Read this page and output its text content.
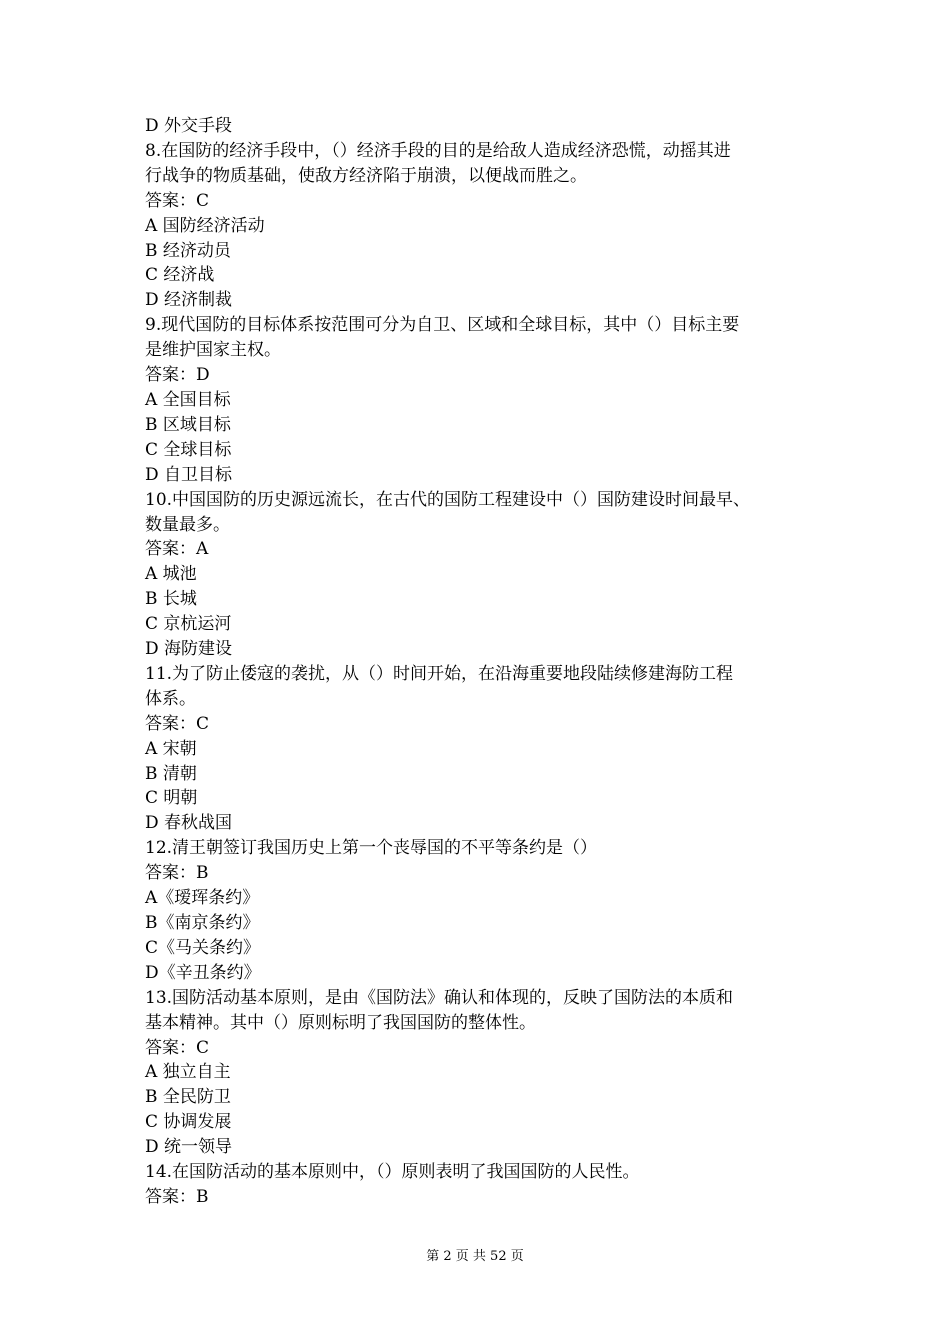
D 外交手段

8.在国防的经济手段中，（）经济手段的目的是给敌人造成经济恐慌，动摇其进

行战争的物质基础，使敌方经济陷于崩溃，以便战而胜之。

答案：C

A 国防经济活动

B 经济动员

C 经济战

D 经济制裁

9.现代国防的目标体系按范围可分为自卫、区域和全球目标，其中（）目标主要

是维护国家主权。

答案：D

A 全国目标

B 区域目标

C 全球目标

D 自卫目标

10.中国国防的历史源远流长，在古代的国防工程建设中（）国防建设时间最早、

数量最多。

答案：A

A 城池

B 长城

C 京杭运河

D 海防建设

11.为了防止倭寇的袭扰，从（）时间开始，在沿海重要地段陆续修建海防工程

体系。

答案：C

A 宋朝

B 清朝

C 明朝

D 春秋战国

12.清王朝签订我国历史上第一个丧辱国的不平等条约是（）

答案：B

A《瑷珲条约》

B《南京条约》

C《马关条约》

D《辛丑条约》

13.国防活动基本原则，是由《国防法》确认和体现的，反映了国防法的本质和

基本精神。其中（）原则标明了我国国防的整体性。

答案：C

A 独立自主

B 全民防卫

C 协调发展

D 统一领导

14.在国防活动的基本原则中，（）原则表明了我国国防的人民性。

答案：B

第 2 页 共 52 页
